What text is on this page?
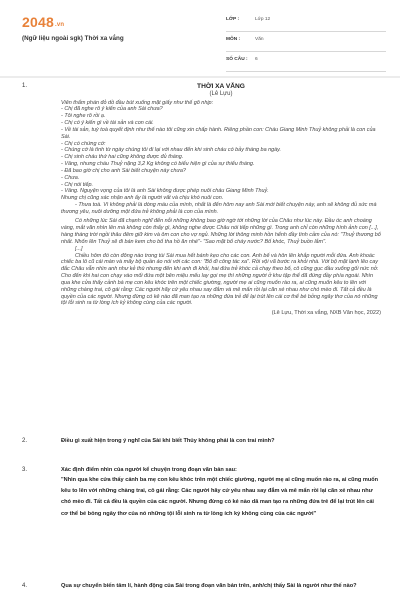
2048.vn
(Ngữ liệu ngoài sgk) Thời xa vắng
LỚP :	Lớp 12
MÔN :	Văn
SỐ CÂU : 6
1.	THỜI XA VẮNG
(Lê Lựu)

Viên thẩm phán đỏ dồ đầu bút xuống mặt giấy như thế gõ nhịp:

- Chị đã nghe rõ ý kiến của anh Sài chưa?

- Tôi nghe rõ rồi ạ.

- Chị có ý kiến gì về tài sản và con cái.

- Về tài sản, tuỳ toà quyết định như thế nào tôi cũng xin chấp hành. Riêng phần con: Cháu Giang Minh Thuỷ không phải là con của Sài.

- Chị có chứng cớ:

- Chúng cớ là tình từ ngày chúng tôi đi lại với nhau đến khi sinh cháu có bảy tháng ba ngày.

- Chị sinh cháu thứ hai cũng không được đủ tháng.

- Vâng, nhưng cháu Thuỷ nặng 3,2 Kg không có biểu hiện gì của sự thiếu tháng.

- Đã bao giờ chị cho anh Sài biết chuyện này chưa?

- Chưa.

- Chị nói tiếp.

- Vâng. Nguyện vọng của tôi là anh Sài không được phép nuôi cháu Giang Minh Thuỷ.

Nhưng chị cũng xác nhận anh ấy là người vất và chịu khó nuôi con.

- Thưa toà. Vì không phải là dòng máu của mình, nhất là đến hôm nay anh Sài mới biết chuyện này, anh sẽ không đủ sức mà thương yêu, nuôi dưỡng một đứa trẻ không phải là con của mình.

Có những lúc Sài đã chạnh nghĩ đến nỗi những không bao giờ ngờ tới những lời của Châu như lúc này. Đầu óc anh choáng váng, mắt văn nhìn lên mà không còn thấy gì, không nghe được Châu nói tiếp những gì. Trong anh chỉ còn những hình ảnh con [...], hàng tháng trời ngồi thâu đêm giữ kim và ôm con cho vợ ngủ. Những lời thông minh hồn hểnh đầy tình cảm của nó: "Thuỷ thương bố nhất. Nhốn lên Thuỷ sẽ đi bán kem cho bố tha hồ ăn nhé"- "Sao mặt bố cháy nước? Bố khóc, Thuỷ buồn lắm".

[...]

Chiều hôm đó còn đông nào trong tùi Sài mua hết bánh kẹo cho các con. Anh bế và hôn lên khắp người mỗi đứa. Anh khoác chiếc ba lô cũ cái màn và mấy bộ quần áo nói với các con: "Bố đi công tác xa". Rồi vội vã bước ra khỏi nhà. Với bộ mặt lạnh lẽo cay đắc Châu vẫn nhìn anh như kẻ thù nhưng đến khi anh đi khỏi, hai đứa trẻ khóc cả chạy theo bố, cô cũng gục đầu xuống gối nức nở. Cho đến khi hai con chạy vào mối đứa một bên miệu mếu lay gọi mẹ thì những người ở khu tập thể đã đứng đầy phía ngoài. Nhìn qua khe cửa thấy cảnh bà mẹ con kêu khóc trên một chiếc giường, người mẹ ai cũng muốn rào ra, ai cũng muốn kêu to lên với những chàng trai, cô gái rằng: Các người hãy cứ yêu nhau say đắm và mê mẩn rồi lại căn xé nhau như chó mèo đi. Tất cả đều là quyền của các người. Nhưng đừng có kê nào đã man tạo ra những đứa trẻ để lại trút lên cái cơ thể bé bỏng ngây thơ của nó những tội lỗi sinh ra từ lòng ích kỷ không cùng của các người.

(Lê Lựu, Thời xa vắng, NXB Văn học, 2022)
2.	Điều gì xuất hiện trong ý nghĩ của Sài khi biết Thủy không phải là con trai mình?
3.	Xác định điểm nhìn của người kể chuyện trong đoạn văn bản sau:
"Nhìn qua khe cửa thấy cảnh ba mẹ con kêu khóc trên một chiếc giường, người mẹ ai cũng muốn rào ra, ai cũng muốn kêu to lên với những chàng trai, cô gái rằng: Các người hãy cứ yêu nhau say đắm và mê mẩn rồi lại căn xé nhau như chó mèo đi. Tất cả đều là quyền của các người. Nhưng đừng có kẻ nào dã man tạo ra những đứa trẻ để lại trút lên cái cơ thể bé bỏng ngây thơ của nó những tội lỗi sinh ra từ lòng ích kỷ không cùng của các người"
4.	Qua sự chuyển biến tâm lí, hành động của Sài trong đoạn văn bản trên, anh/chị thấy Sài là người như thế nào?
